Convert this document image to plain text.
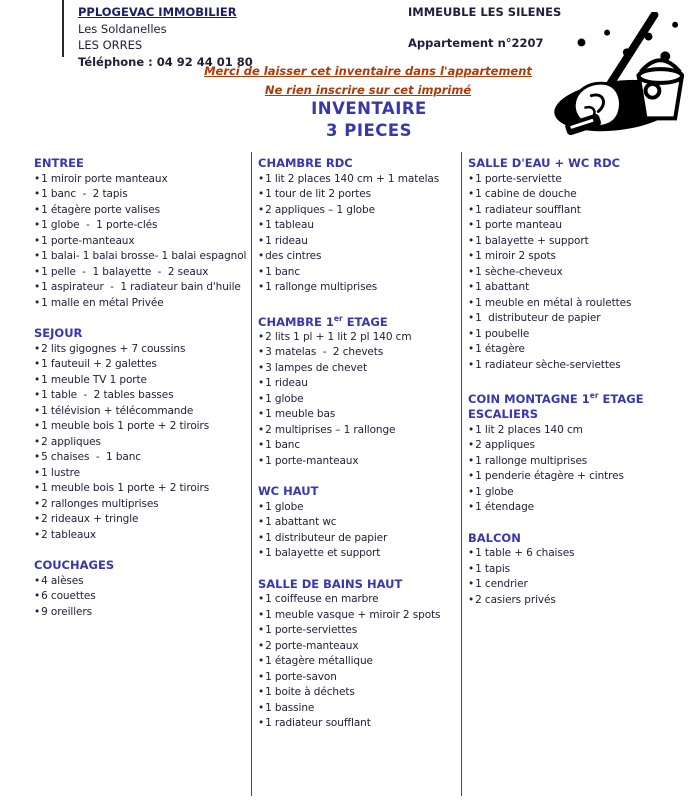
PPLOGEVAC IMMOBILIER
Les Soldanelles
LES ORRES
Téléphone : 04 92 44 01 80
IMMEUBLE LES SILENES
Appartement n°2207
Merci de laisser cet inventaire dans l'appartement
Ne rien inscrire sur cet imprimé
INVENTAIRE
3 PIECES
ENTREE
•1 miroir porte manteaux
•1 banc  -  2 tapis
•1 étagère porte valises
•1 globe  -  1 porte-clés
•1 porte-manteaux
•1 balai- 1 balai brosse- 1 balai espagnol
•1 pelle  -  1 balayette  -  2 seaux
•1 aspirateur  -  1 radiateur bain d'huile
•1 malle en métal Privée
SEJOUR
•2 lits gigognes + 7 coussins
•1 fauteuil + 2 galettes
•1 meuble TV 1 porte
•1 table  -  2 tables basses
•1 télévision + télécommande
•1 meuble bois 1 porte + 2 tiroirs
•2 appliques
•5 chaises  -  1 banc
•1 lustre
•1 meuble bois 1 porte + 2 tiroirs
•2 rallonges multiprises
•2 rideaux + tringle
•2 tableaux
COUCHAGES
•4 alèses
•6 couettes
•9 oreillers
CHAMBRE RDC
•1 lit 2 places 140 cm + 1 matelas
•1 tour de lit 2 portes
•2 appliques – 1 globe
•1 tableau
•1 rideau
•des cintres
•1 banc
•1 rallonge multiprises
CHAMBRE 1er ETAGE
•2 lits 1 pl + 1 lit 2 pl 140 cm
•3 matelas  -  2 chevets
•3 lampes de chevet
•1 rideau
•1 globe
•1 meuble bas
•2 multiprises – 1 rallonge
•1 banc
•1 porte-manteaux
WC HAUT
•1 globe
•1 abattant wc
•1 distributeur de papier
•1 balayette et support
SALLE DE BAINS HAUT
•1 coiffeuse en marbre
•1 meuble vasque + miroir 2 spots
•1 porte-serviettes
•2 porte-manteaux
•1 étagère métallique
•1 porte-savon
•1 boite à déchets
•1 bassine
•1 radiateur soufflant
SALLE D'EAU + WC RDC
•1 porte-serviette
•1 cabine de douche
•1 radiateur soufflant
•1 porte manteau
•1 balayette + support
•1 miroir 2 spots
•1 sèche-cheveux
•1 abattant
•1 meuble en métal à roulettes
•1  distributeur de papier
•1 poubelle
•1 étagère
•1 radiateur sèche-serviettes
COIN MONTAGNE 1er ETAGE
ESCALIERS
•1 lit 2 places 140 cm
•2 appliques
•1 rallonge multiprises
•1 penderie étagère + cintres
•1 globe
•1 étendage
BALCON
•1 table + 6 chaises
•1 tapis
•1 cendrier
•2 casiers privés
